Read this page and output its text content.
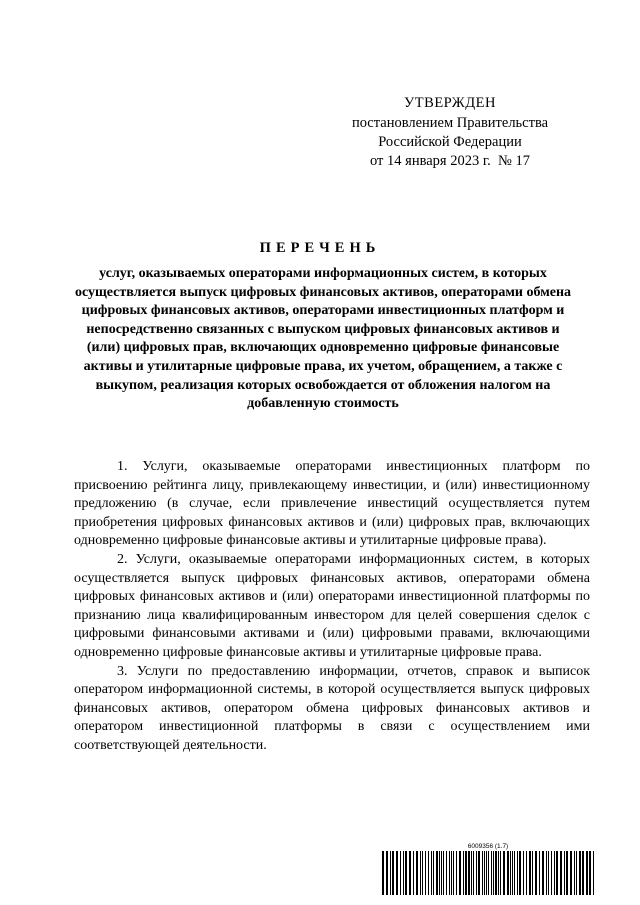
УТВЕРЖДЕН
постановлением Правительства
Российской Федерации
от 14 января 2023 г. № 17
ПЕРЕЧЕНЬ
услуг, оказываемых операторами информационных систем, в которых осуществляется выпуск цифровых финансовых активов, операторами обмена цифровых финансовых активов, операторами инвестиционных платформ и непосредственно связанных с выпуском цифровых финансовых активов и (или) цифровых прав, включающих одновременно цифровые финансовые активы и утилитарные цифровые права, их учетом, обращением, а также с выкупом, реализация которых освобождается от обложения налогом на добавленную стоимость

1. Услуги, оказываемые операторами инвестиционных платформ по присвоению рейтинга лицу, привлекающему инвестиции, и (или) инвестиционному предложению (в случае, если привлечение инвестиций осуществляется путем приобретения цифровых финансовых активов и (или) цифровых прав, включающих одновременно цифровые финансовые активы и утилитарные цифровые права).

2. Услуги, оказываемые операторами информационных систем, в которых осуществляется выпуск цифровых финансовых активов, операторами обмена цифровых финансовых активов и (или) операторами инвестиционной платформы по признанию лица квалифицированным инвестором для целей совершения сделок с цифровыми финансовыми активами и (или) цифровыми правами, включающими одновременно цифровые финансовые активы и утилитарные цифровые права.

3. Услуги по предоставлению информации, отчетов, справок и выписок оператором информационной системы, в которой осуществляется выпуск цифровых финансовых активов, оператором обмена цифровых финансовых активов и оператором инвестиционной платформы в связи с осуществлением ими соответствующей деятельности.

6009356 (1.7)
